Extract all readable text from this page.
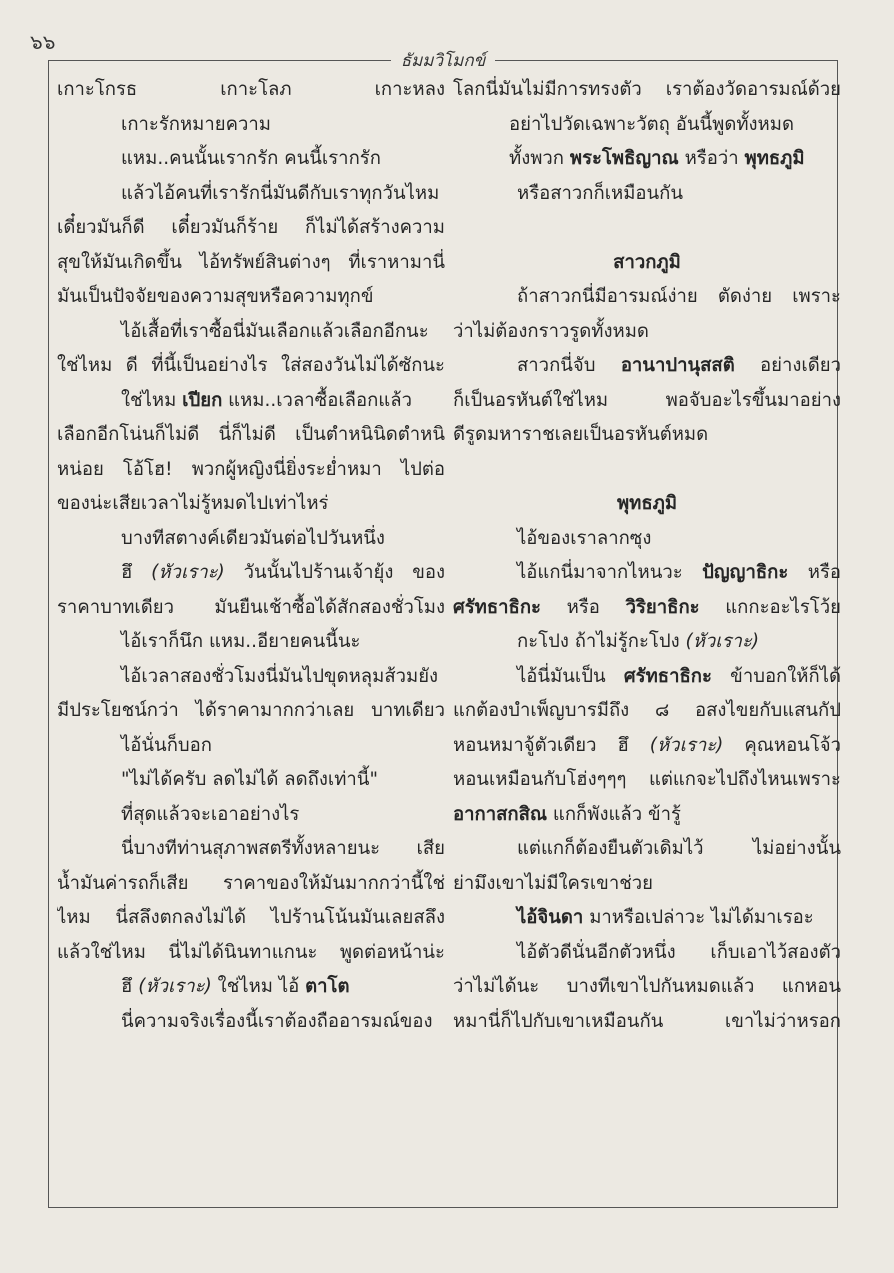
๖๖
ธัมมวิโมกข์
เกาะโกรธ เกาะโลภ เกาะหลง
เกาะรักหมายความ
แหม..คนนั้นเรากรัก คนนี้เรากรัก
แล้วไอ้คนที่เรารักนี่มันดีกับเราทุกวันไหม
เดี๋ยวมันก็ดี เดี๋ยวมันก็ร้าย ก็ไม่ได้สร้างความ
สุขให้มันเกิดขึ้น ไอ้ทรัพย์สินต่างๆ ที่เราหามานี่
มันเป็นปัจจัยของความสุขหรือความทุกข์
ไอ้เสื้อที่เราซื้อนี่มันเลือกแล้วเลือกอีกนะ
ใช่ไหม ดี ที่นี้เป็นอย่างไร ใส่สองวันไม่ได้ซักนะ
ใช่ไหม เปียก แหม..เวลาซื้อเลือกแล้ว
เลือกอีกโน่นก็ไม่ดี นี่ก็ไม่ดี เป็นตำหนินิดตำหนิ
หน่อย โอ้โฮ! พวกผู้หญิงนี่ยิ่งระย่ำหมา ไปต่อ
ของน่ะเสียเวลาไม่รู้หมดไปเท่าไหร่
บางทีสตางค์เดียวมันต่อไปวันหนึ่ง
ฮึ (หัวเราะ) วันนั้นไปร้านเจ้ายุ้ง ของ
ราคาบาทเดียว มันยืนเช้าซื้อได้สักสองชั่วโมง
ไอ้เราก็นึก แหม..อียายคนนี้นะ
ไอ้เวลาสองชั่วโมงนี่มันไปขุดหลุมส้วมยัง
มีประโยชน์กว่า ได้ราคามากกว่าเลย บาทเดียว
ไอ้นั่นก็บอก
"ไม่ได้ครับ ลดไม่ได้ ลดถึงเท่านี้"
ที่สุดแล้วจะเอาอย่างไร
นี่บางทีท่านสุภาพสตรีทั้งหลายนะ เสีย
น้ำมันค่ารถก็เสีย ราคาของให้มันมากกว่านี้ใช่
ไหม นี่สลึงตกลงไม่ได้ ไปร้านโน้นมันเลยสลึง
แล้วใช่ไหม นี่ไม่ได้นินทาแกนะ พูดต่อหน้าน่ะ
ฮึ (หัวเราะ) ใช่ไหม ไอ้ ตาโต
นี่ความจริงเรื่องนี้เราต้องถืออารมณ์ของ
โลกนี่มันไม่มีการทรงตัว เราต้องวัดอารมณ์ด้วย
อย่าไปวัดเฉพาะวัตถุ อันนี้พูดทั้งหมด
ทั้งพวก พระโพธิญาณ หรือว่า พุทธภูมิ
หรือสาวกก็เหมือนกัน

สาวกภูมิ
ถ้าสาวกนี่มีอารมณ์ง่าย ตัดง่าย เพราะ
ว่าไม่ต้องกราวรูดทั้งหมด
สาวกนี่จับ อานาปานุสสติ อย่างเดียว
ก็เป็นอรหันต์ใช่ไหม พอจับอะไรขึ้นมาอย่าง
ดีรูดมหาราชเลยเป็นอรหันต์หมด

พุทธภูมิ
ไอ้ของเราลากซุง
ไอ้แกนี่มาจากไหนวะ ปัญญาธิกะ หรือ
ศรัทธาธิกะ หรือ วิริยาธิกะ แกกะอะไรโว้ย
กะโปง ถ้าไม่รู้กะโปง (หัวเราะ)
ไอ้นี่มันเป็น ศรัทธาธิกะ ข้าบอกให้ก็ได้
แกต้องบำเพ็ญบารมีถึง ๘ อสงไขยกับแสนกัป
หอนหมาจู้ตัวเดียว ฮึ (หัวเราะ) คุณหอนโจ้ว
หอนเหมือนกับโฮ่งๆๆๆ แต่แกจะไปถึงไหนเพราะ
อากาสกสิณ แกก็พังแล้ว ข้ารู้
แต่แกก็ต้องยืนตัวเดิมไว้ ไม่อย่างนั้น
ย่ามึงเขาไม่มีใครเขาช่วย
ไอ้จินดา มาหรือเปล่าวะ ไม่ได้มาเรอะ
ไอ้ตัวดีนั่นอีกตัวหนึ่ง เก็บเอาไว้สองตัว
ว่าไม่ได้นะ บางทีเขาไปกันหมดแล้ว แกหอน
หมานี่ก็ไปกับเขาเหมือนกัน เขาไม่ว่าหรอก
